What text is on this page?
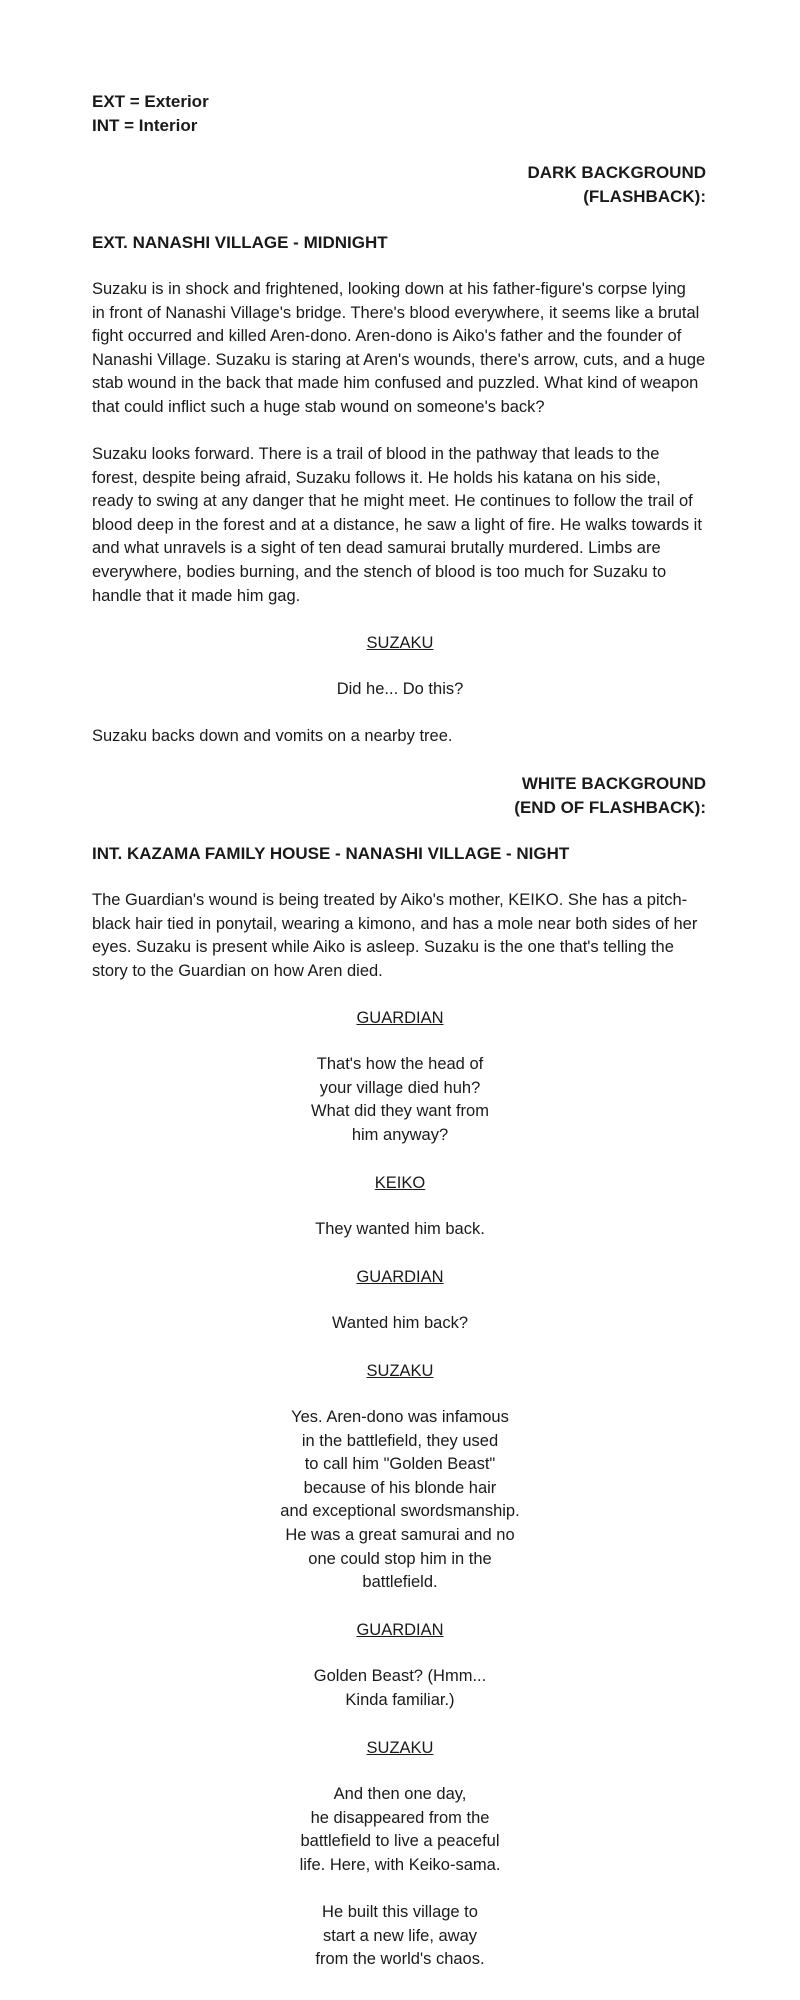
EXT = Exterior
INT = Interior
DARK BACKGROUND
(FLASHBACK):
EXT. NANASHI VILLAGE - MIDNIGHT
Suzaku is in shock and frightened, looking down at his father-figure's corpse lying
in front of Nanashi Village's bridge. There's blood everywhere, it seems like a brutal
fight occurred and killed Aren-dono. Aren-dono is Aiko's father and the founder of
Nanashi Village. Suzaku is staring at Aren's wounds, there's arrow, cuts, and a huge
stab wound in the back that made him confused and puzzled. What kind of weapon
that could inflict such a huge stab wound on someone's back?
Suzaku looks forward. There is a trail of blood in the pathway that leads to the
forest, despite being afraid, Suzaku follows it. He holds his katana on his side,
ready to swing at any danger that he might meet. He continues to follow the trail of
blood deep in the forest and at a distance, he saw a light of fire. He walks towards it
and what unravels is a sight of ten dead samurai brutally murdered. Limbs are
everywhere, bodies burning, and the stench of blood is too much for Suzaku to
handle that it made him gag.
SUZAKU
Did he... Do this?
Suzaku backs down and vomits on a nearby tree.
WHITE BACKGROUND
(END OF FLASHBACK):
INT. KAZAMA FAMILY HOUSE - NANASHI VILLAGE - NIGHT
The Guardian's wound is being treated by Aiko's mother, KEIKO. She has a pitch-
black hair tied in ponytail, wearing a kimono, and has a mole near both sides of her
eyes. Suzaku is present while Aiko is asleep. Suzaku is the one that's telling the
story to the Guardian on how Aren died.
GUARDIAN
That's how the head of
your village died huh?
What did they want from
him anyway?
KEIKO
They wanted him back.
GUARDIAN
Wanted him back?
SUZAKU
Yes. Aren-dono was infamous
in the battlefield, they used
to call him "Golden Beast"
because of his blonde hair
and exceptional swordsmanship.
He was a great samurai and no
one could stop him in the
battlefield.
GUARDIAN
Golden Beast? (Hmm...
Kinda familiar.)
SUZAKU
And then one day,
he disappeared from the
battlefield to live a peaceful
life. Here, with Keiko-sama.
He built this village to
start a new life, away
from the world's chaos.
